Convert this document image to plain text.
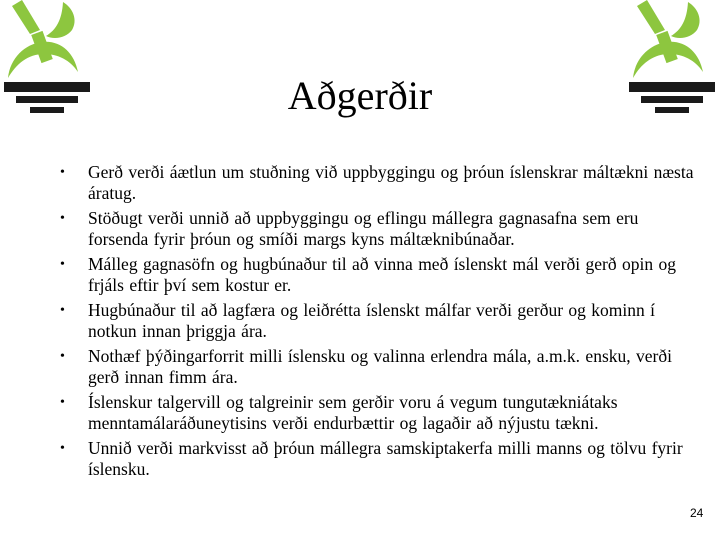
Aðgerðir
•	Gerð verði áætlun um stuðning við uppbyggingu og þróun íslenskrar máltækni næsta áratug.
•	Stöðugt verði unnið að uppbyggingu og eflingu mállegra gagnasafna sem eru forsenda fyrir þróun og smíði margs kyns máltæknibúnaðar.
•	Málleg gagnasöfn og hugbúnaður til að vinna með íslenskt mál verði gerð opin og frjáls eftir því sem kostur er.
•	Hugbúnaður til að lagfæra og leiðrétta íslenskt málfar verði gerður og kominn í notkun innan þriggja ára.
•	Nothæf þýðingarforrit milli íslensku og valinna erlendra mála, a.m.k. ensku, verði gerð innan fimm ára.
•	Íslenskur talgervill og talgreinir sem gerðir voru á vegum tungutækniátaks menntamálaráðuneytisins verði endurbættir og lagaðir að nýjustu tækni.
•	Unnið verði markvisst að þróun mállegra samskiptakerfa milli manns og tölvu fyrir íslensku.
24
